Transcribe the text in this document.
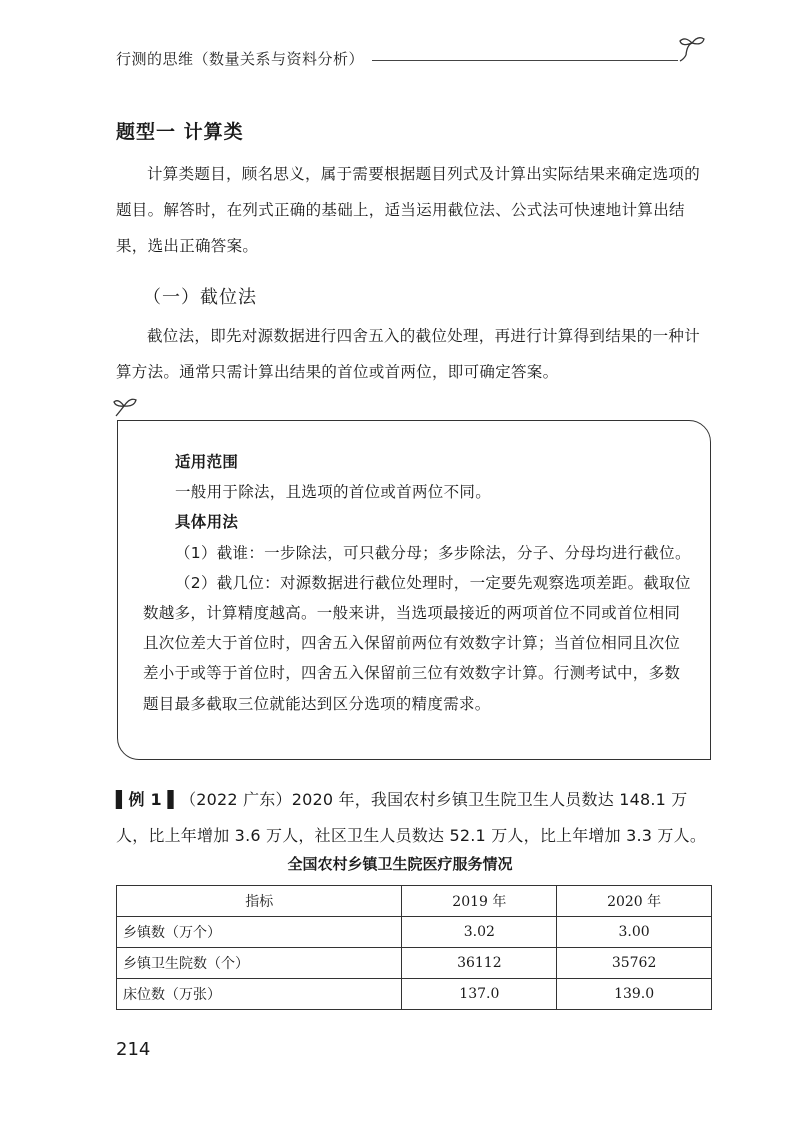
行测的思维（数量关系与资料分析）
题型一 计算类

计算类题目，顾名思义，属于需要根据题目列式及计算出实际结果来确定选项的题目。解答时，在列式正确的基础上，适当运用截位法、公式法可快速地计算出结果，选出正确答案。

（一）截位法

截位法，即先对源数据进行四舍五入的截位处理，再进行计算得到结果的一种计算方法。通常只需计算出结果的首位或首两位，即可确定答案。

适用范围
一般用于除法，且选项的首位或首两位不同。
具体用法
（1）截谁：一步除法，可只截分母；多步除法，分子、分母均进行截位。
（2）截几位：对源数据进行截位处理时，一定要先观察选项差距。截取位数越多，计算精度越高。一般来讲，当选项最接近的两项首位不同或首位相同且次位差大于首位时，四舍五入保留前两位有效数字计算；当首位相同且次位差小于或等于首位时，四舍五入保留前三位有效数字计算。行测考试中，多数题目最多截取三位就能达到区分选项的精度需求。
▌例 1 ▌（2022 广东）2020 年，我国农村乡镇卫生院卫生人员数达 148.1 万人，比上年增加 3.6 万人，社区卫生人员数达 52.1 万人，比上年增加 3.3 万人。
全国农村乡镇卫生院医疗服务情况
指标	2019 年	2020 年
乡镇数（万个）	3.02	3.00
乡镇卫生院数（个）	36112	35762
床位数（万张）	137.0	139.0
214
